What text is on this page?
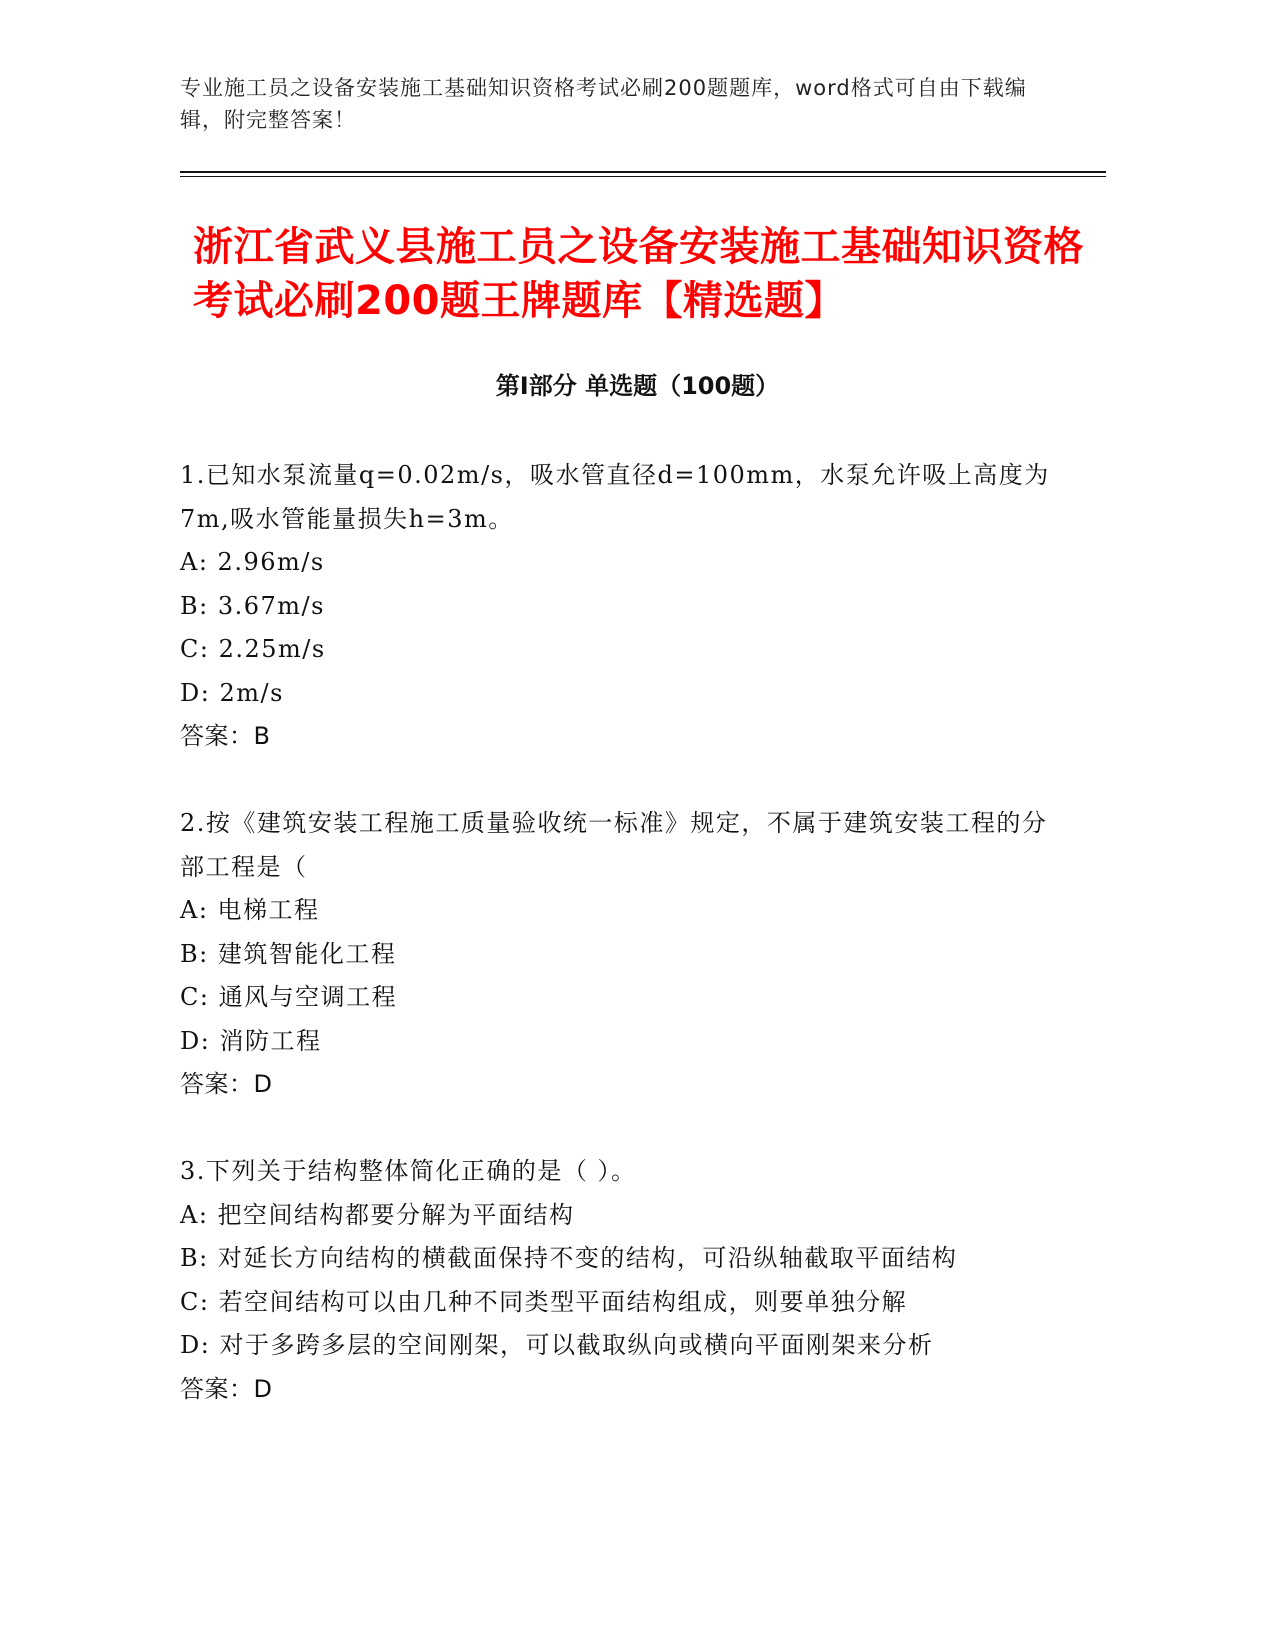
专业施工员之设备安装施工基础知识资格考试必刷200题题库，word格式可自由下载编辑，附完整答案！
浙江省武义县施工员之设备安装施工基础知识资格考试必刷200题王牌题库【精选题】
第I部分 单选题（100题）
1.已知水泵流量q=0.02m/s，吸水管直径d=100mm，水泵允许吸上高度为7m,吸水管能量损失h=3m。
A: 2.96m/s
B: 3.67m/s
C: 2.25m/s
D: 2m/s
答案：B
2.按《建筑安装工程施工质量验收统一标准》规定，不属于建筑安装工程的分部工程是（
A: 电梯工程
B: 建筑智能化工程
C: 通风与空调工程
D: 消防工程
答案：D
3.下列关于结构整体简化正确的是（ ）。
A: 把空间结构都要分解为平面结构
B: 对延长方向结构的横截面保持不变的结构，可沿纵轴截取平面结构
C: 若空间结构可以由几种不同类型平面结构组成，则要单独分解
D: 对于多跨多层的空间刚架，可以截取纵向或横向平面刚架来分析
答案：D
